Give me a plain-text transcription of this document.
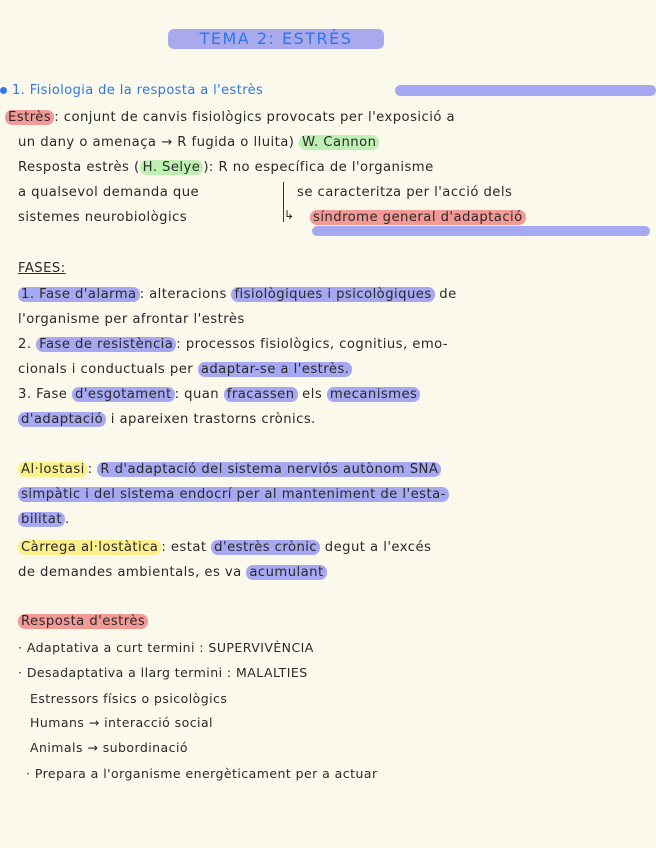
TEMA 2: ESTRÈS
1. Fisiologia de la resposta a l'estrès
Estrès : conjunt de canvis fisiològics provocats per l'exposició a
un dany o amenaça → R fugida o lluita) W. Cannon
Resposta estrès ( H. Selye ): R no específica de l'organisme
a qualsevol demanda que	se caracteritza per l'acció dels
sistemes neurobiològics	↳ síndrome general d'adaptació
FASES:
1. Fase d'alarma : alteracions fisiològiques i psicològiques de
l'organisme per afrontar l'estrès
2. Fase de resistència : processos fisiològics, cognitius, emo-
cionals i conductuals per adaptar-se a l'estrès.
3. Fase d'esgotament : quan fracassen els mecanismes
d'adaptació i apareixen trastorns crònics.
Al·lostasi : R d'adaptació del sistema nerviós autònom SNA
simpàtic i del sistema endocrí per al manteniment de l'esta-
bilitat .
Càrrega al·lostàtica : estat d'estrès crònic degut a l'excés
de demandes ambientals, es va acumulant
Resposta d'estrès
· Adaptativa a curt termini : SUPERVIVÈNCIA
· Desadaptativa a llarg termini : MALALTIES
Estressors físics o psicològics
Humans → interacció social
Animals → subordinació
· Prepara a l'organisme energèticament per a actuar
